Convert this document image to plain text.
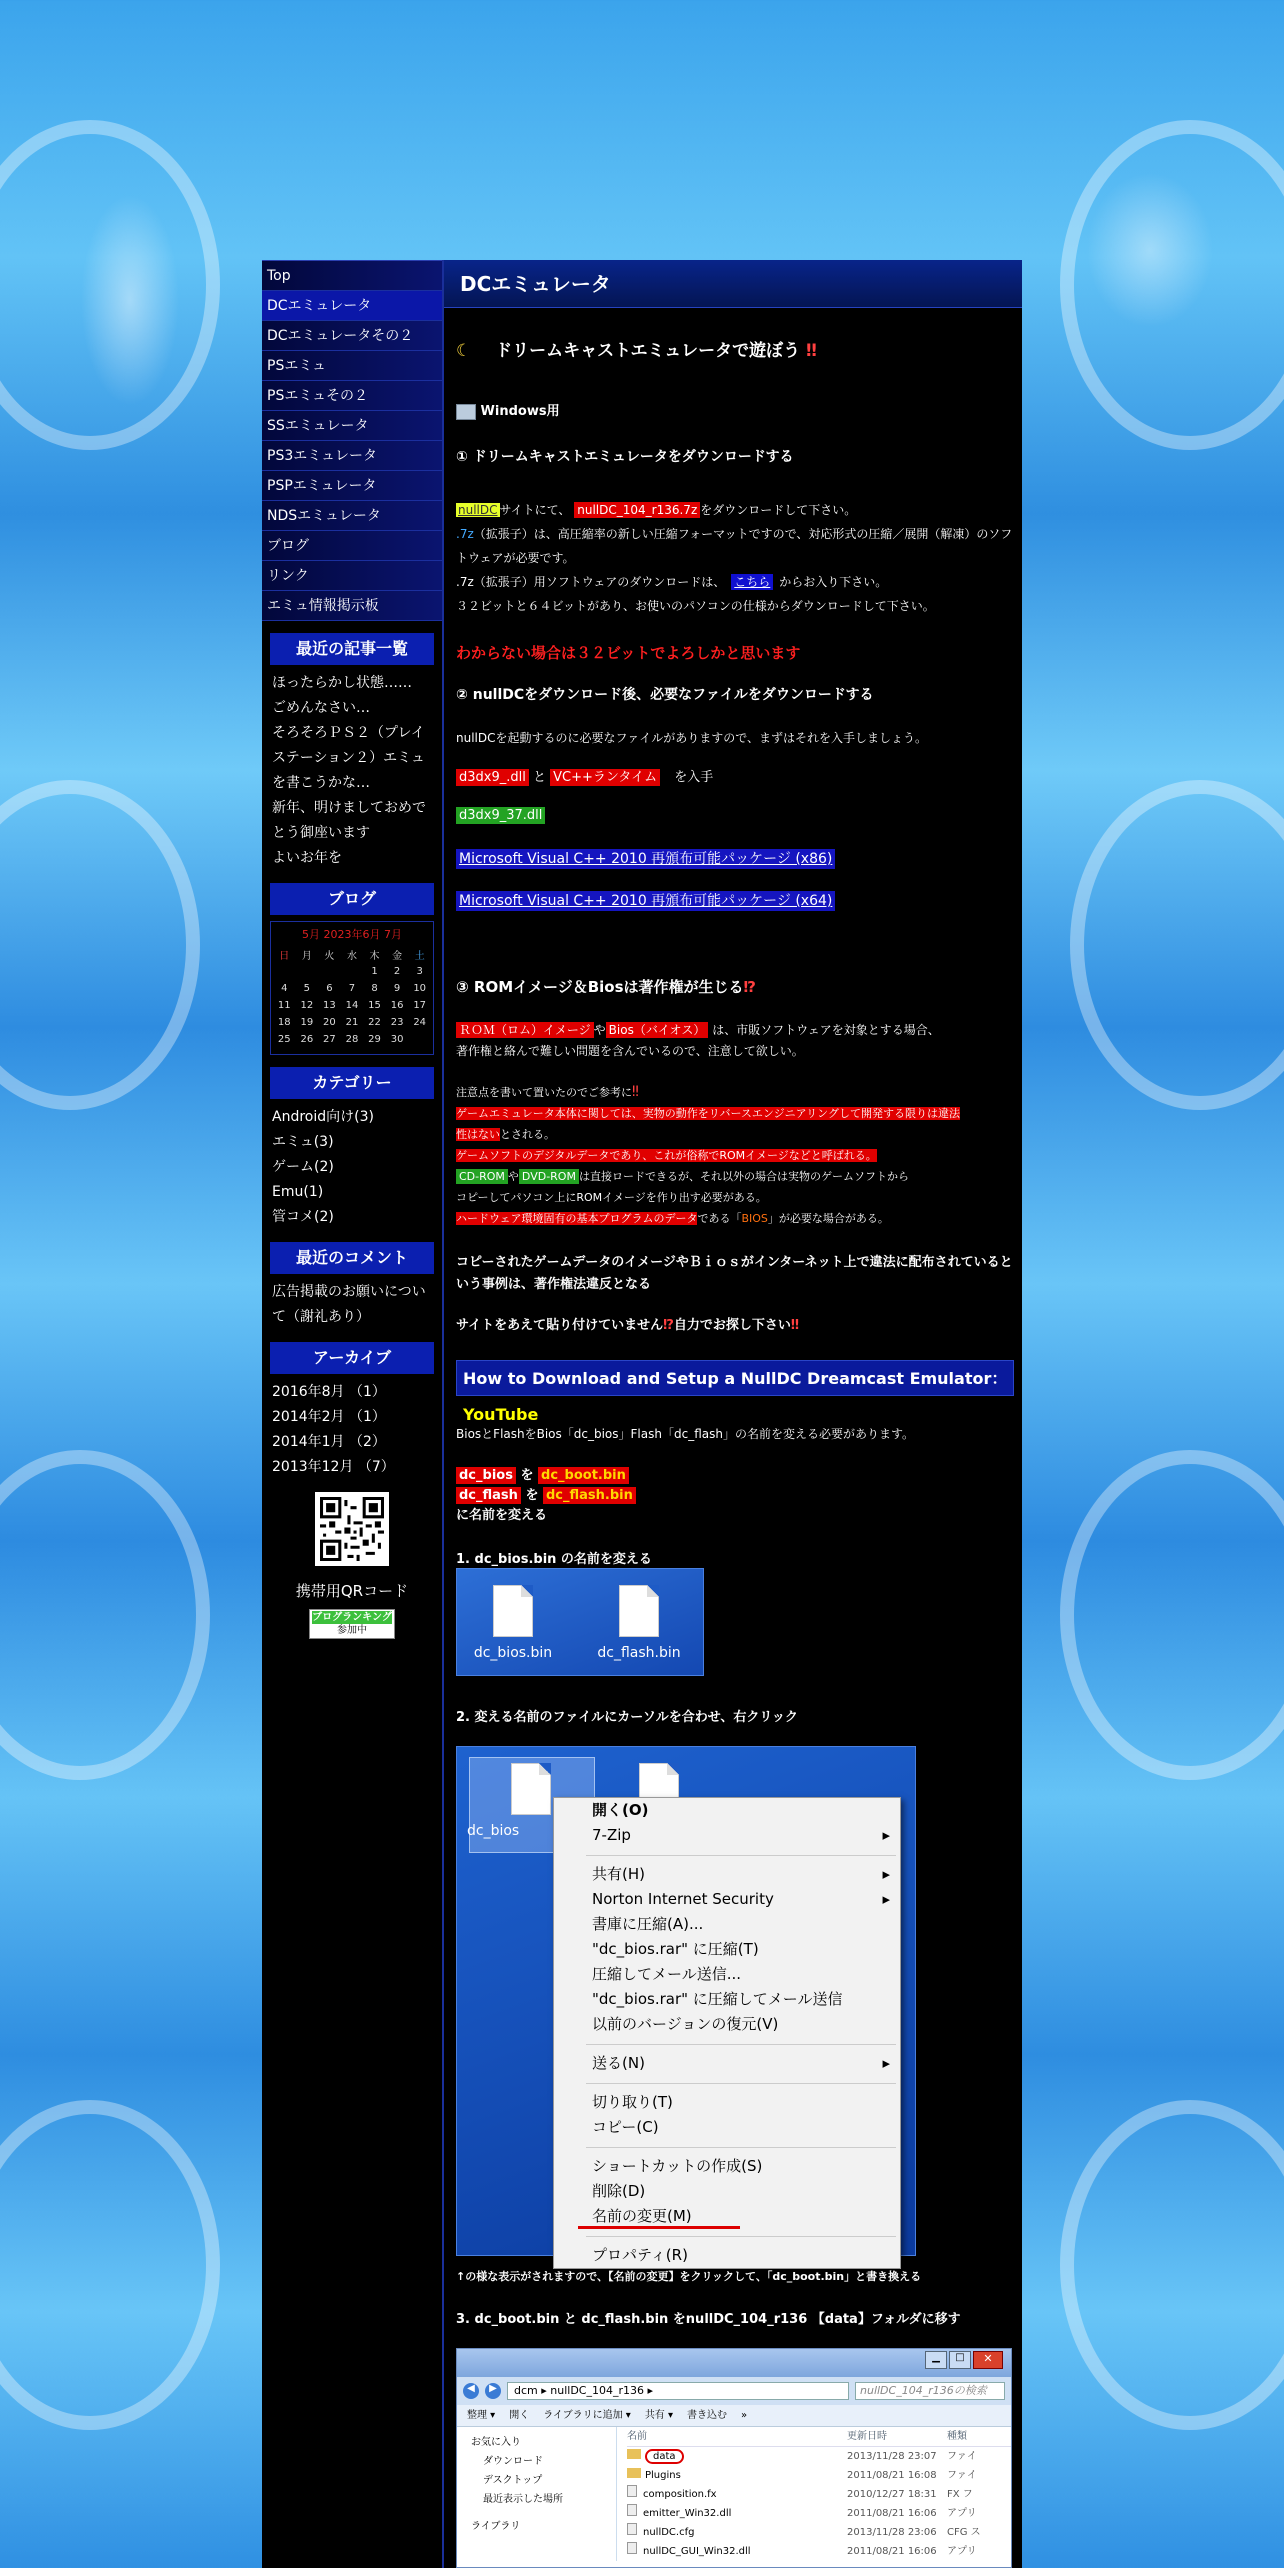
Top
DCエミュレータ
DCエミュレータその２
PSエミュ
PSエミュその２
SSエミュレータ
PS3エミュレータ
PSPエミュレータ
NDSエミュレータ
ブログ
リンク
エミュ情報掲示板
最近の記事一覧
ほったらかし状態……
ごめんなさい…
そろそろＰＳ２（プレイステーション２）エミュを書こうかな…
新年、明けましておめでとう御座います
よいお年を
ブログ
5月 2023年6月 7月
日	月	火	水	木	金	土
				1	2	3
4	5	6	7	8	9	10
11	12	13	14	15	16	17
18	19	20	21	22	23	24
25	26	27	28	29	30	
カテゴリー
Android向け(3)
エミュ(3)
ゲーム(2)
Emu(1)
管コメ(2)
最近のコメント
広告掲載のお願いについて（謝礼あり）
アーカイブ
2016年8月 （1）
2014年2月 （1）
2014年1月 （2）
2013年12月 （7）
携帯用QRコード
ブログランキング
参加中
DCエミュレータ
☾ ドリームキャストエミュレータで遊ぼう ‼
Windows用
① ドリームキャストエミュレータをダウンロードする
nullDC サイトにて、 nullDC_104_r136.7z をダウンロードして下さい。
.7z（拡張子）は、高圧縮率の新しい圧縮フォーマットですので、対応形式の圧縮／展開（解凍）のソフトウェアが必要です。
.7z（拡張子）用ソフトウェアのダウンロードは、 こちら からお入り下さい。
３２ビットと６４ビットがあり、お使いのパソコンの仕様からダウンロードして下さい。
わからない場合は３２ビットでよろしかと思います
② nullDCをダウンロード後、必要なファイルをダウンロードする
nullDCを起動するのに必要なファイルがありますので、まずはそれを入手しましょう。
d3dx9_.dll と VC++ランタイム を入手
d3dx9_37.dll
Microsoft Visual C++ 2010 再頒布可能パッケージ (x86)
Microsoft Visual C++ 2010 再頒布可能パッケージ (x64)
③ ROMイメージ＆Biosは著作権が生じる⁉
ＲＯＭ（ロム）イメージ や Bios（バイオス） は、市販ソフトウェアを対象とする場合、
著作権と絡んで難しい問題を含んでいるので、注意して欲しい。
注意点を書いて置いたのでご参考に‼
ゲームエミュレータ本体に関しては、実物の動作をリバースエンジニアリングして開発する限りは違法
性はないとされる。
ゲームソフトのデジタルデータであり、これが俗称でROMイメージなどと呼ばれる。
CD-ROM や DVD-ROM は直接ロードできるが、それ以外の場合は実物のゲームソフトから
コピーしてパソコン上にROMイメージを作り出す必要がある。
ハードウェア環境固有の基本プログラムのデータである「BIOS」が必要な場合がある。
コピーされたゲームデータのイメージやＢｉｏｓがインターネット上で違法に配布されているという事例は、著作権法違反となる
サイトをあえて貼り付けていません⁉自力でお探し下さい‼
How to Download and Setup a NullDC Dreamcast Emulator：YouTube
BiosとFlashをBios「dc_bios」Flash「dc_flash」の名前を変える必要があります。
dc_bios を dc_boot.bin
dc_flash を dc_flash.bin
に名前を変える
1. dc_bios.bin の名前を変える
dc_bios.bin	dc_flash.bin
2. 変える名前のファイルにカーソルを合わせ、右クリック
dc_bios
開く(O)
7-Zip ▸
共有(H) ▸
Norton Internet Security ▸
書庫に圧縮(A)...
"dc_bios.rar" に圧縮(T)
圧縮してメール送信...
"dc_bios.rar" に圧縮してメール送信
以前のバージョンの復元(V)
送る(N) ▸
切り取り(T)
コピー(C)
ショートカットの作成(S)
削除(D)
名前の変更(M)
プロパティ(R)
↑の様な表示がされますので、【名前の変更】をクリックして、「dc_boot.bin」と書き換える
3. dc_boot.bin と dc_flash.bin をnullDC_104_r136 【data】フォルダに移す
▁	□	✕
◀	▶	dcm ▸ nullDC_104_r136 ▸	nullDC_104_r136の検索
整理 ▾ 開く ライブラリに追加 ▾ 共有 ▾ 書き込む »
お気に入り
ダウンロード
デスクトップ
最近表示した場所
ライブラリ
名前	更新日時	種類
data	2013/11/28 23:07	ファイ
Plugins	2011/08/21 16:08	ファイ
composition.fx	2010/12/27 18:31	FX フ
emitter_Win32.dll	2011/08/21 16:06	アプリ
nullDC.cfg	2013/11/28 23:06	CFG ス
nullDC_GUI_Win32.dll	2011/08/21 16:06	アプリ
